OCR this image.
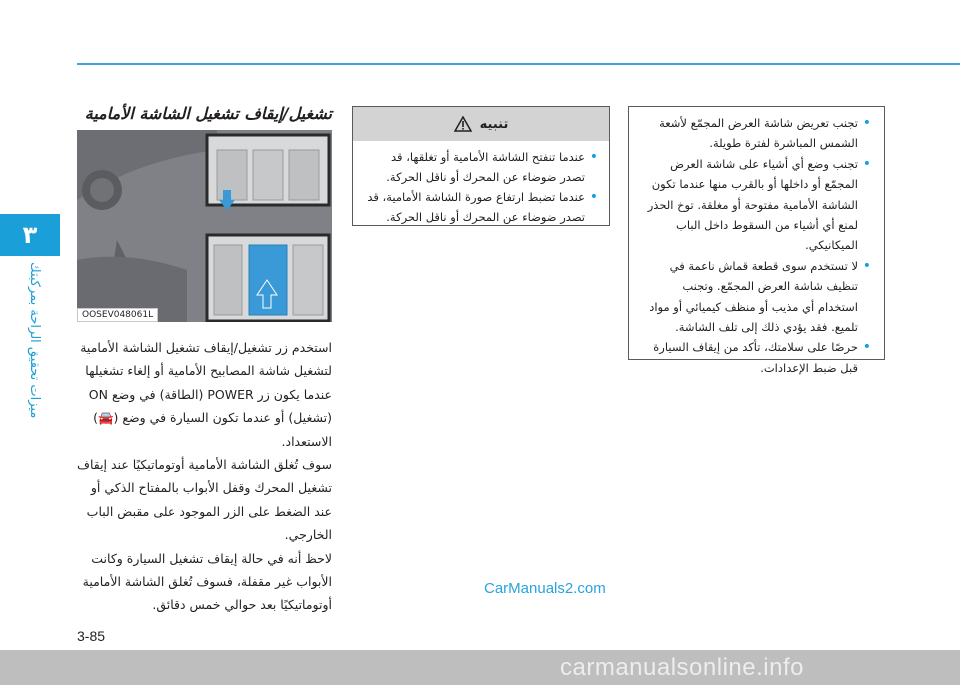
٣
ميزات تحقيق الراحة بمركبتك
تشغيل/إيقاف تشغيل الشاشة الأمامية
OOSEV048061L

استخدم زر تشغيل/إيقاف تشغيل الشاشة الأمامية لتشغيل شاشة المصابيح الأمامية أو إلغاء تشغيلها عندما يكون زر POWER (الطاقة) في وضع ON (تشغيل) أو عندما تكون السيارة في وضع (🚘) الاستعداد.

سوف تُغلق الشاشة الأمامية أوتوماتيكيًا عند إيقاف تشغيل المحرك وقفل الأبواب بالمفتاح الذكي أو عند الضغط على الزر الموجود على مقبض الباب الخارجي.

لاحظ أنه في حالة إيقاف تشغيل السيارة وكانت الأبواب غير مقفلة، فسوف تُغلق الشاشة الأمامية أوتوماتيكيًا بعد حوالي خمس دقائق.

تنبيه
• عندما تنفتح الشاشة الأمامية أو تغلقها، قد تصدر ضوضاء عن المحرك أو ناقل الحركة.
• عندما تضبط ارتفاع صورة الشاشة الأمامية، قد تصدر ضوضاء عن المحرك أو ناقل الحركة.
• تجنب تعريض شاشة العرض المجمّع لأشعة الشمس المباشرة لفترة طويلة.
• تجنب وضع أي أشياء على شاشة العرض المجمّع أو داخلها أو بالقرب منها عندما تكون الشاشة الأمامية مفتوحة أو مغلقة. توخ الحذر لمنع أي أشياء من السقوط داخل الباب الميكانيكي.
• لا تستخدم سوى قطعة قماش ناعمة في تنظيف شاشة العرض المجمّع. وتجنب استخدام أي مذيب أو منظف كيميائي أو مواد تلميع. فقد يؤدي ذلك إلى تلف الشاشة.
• حرصًا على سلامتك، تأكد من إيقاف السيارة قبل ضبط الإعدادات.
CarManuals2.com
3-85
carmanualsonline.info
